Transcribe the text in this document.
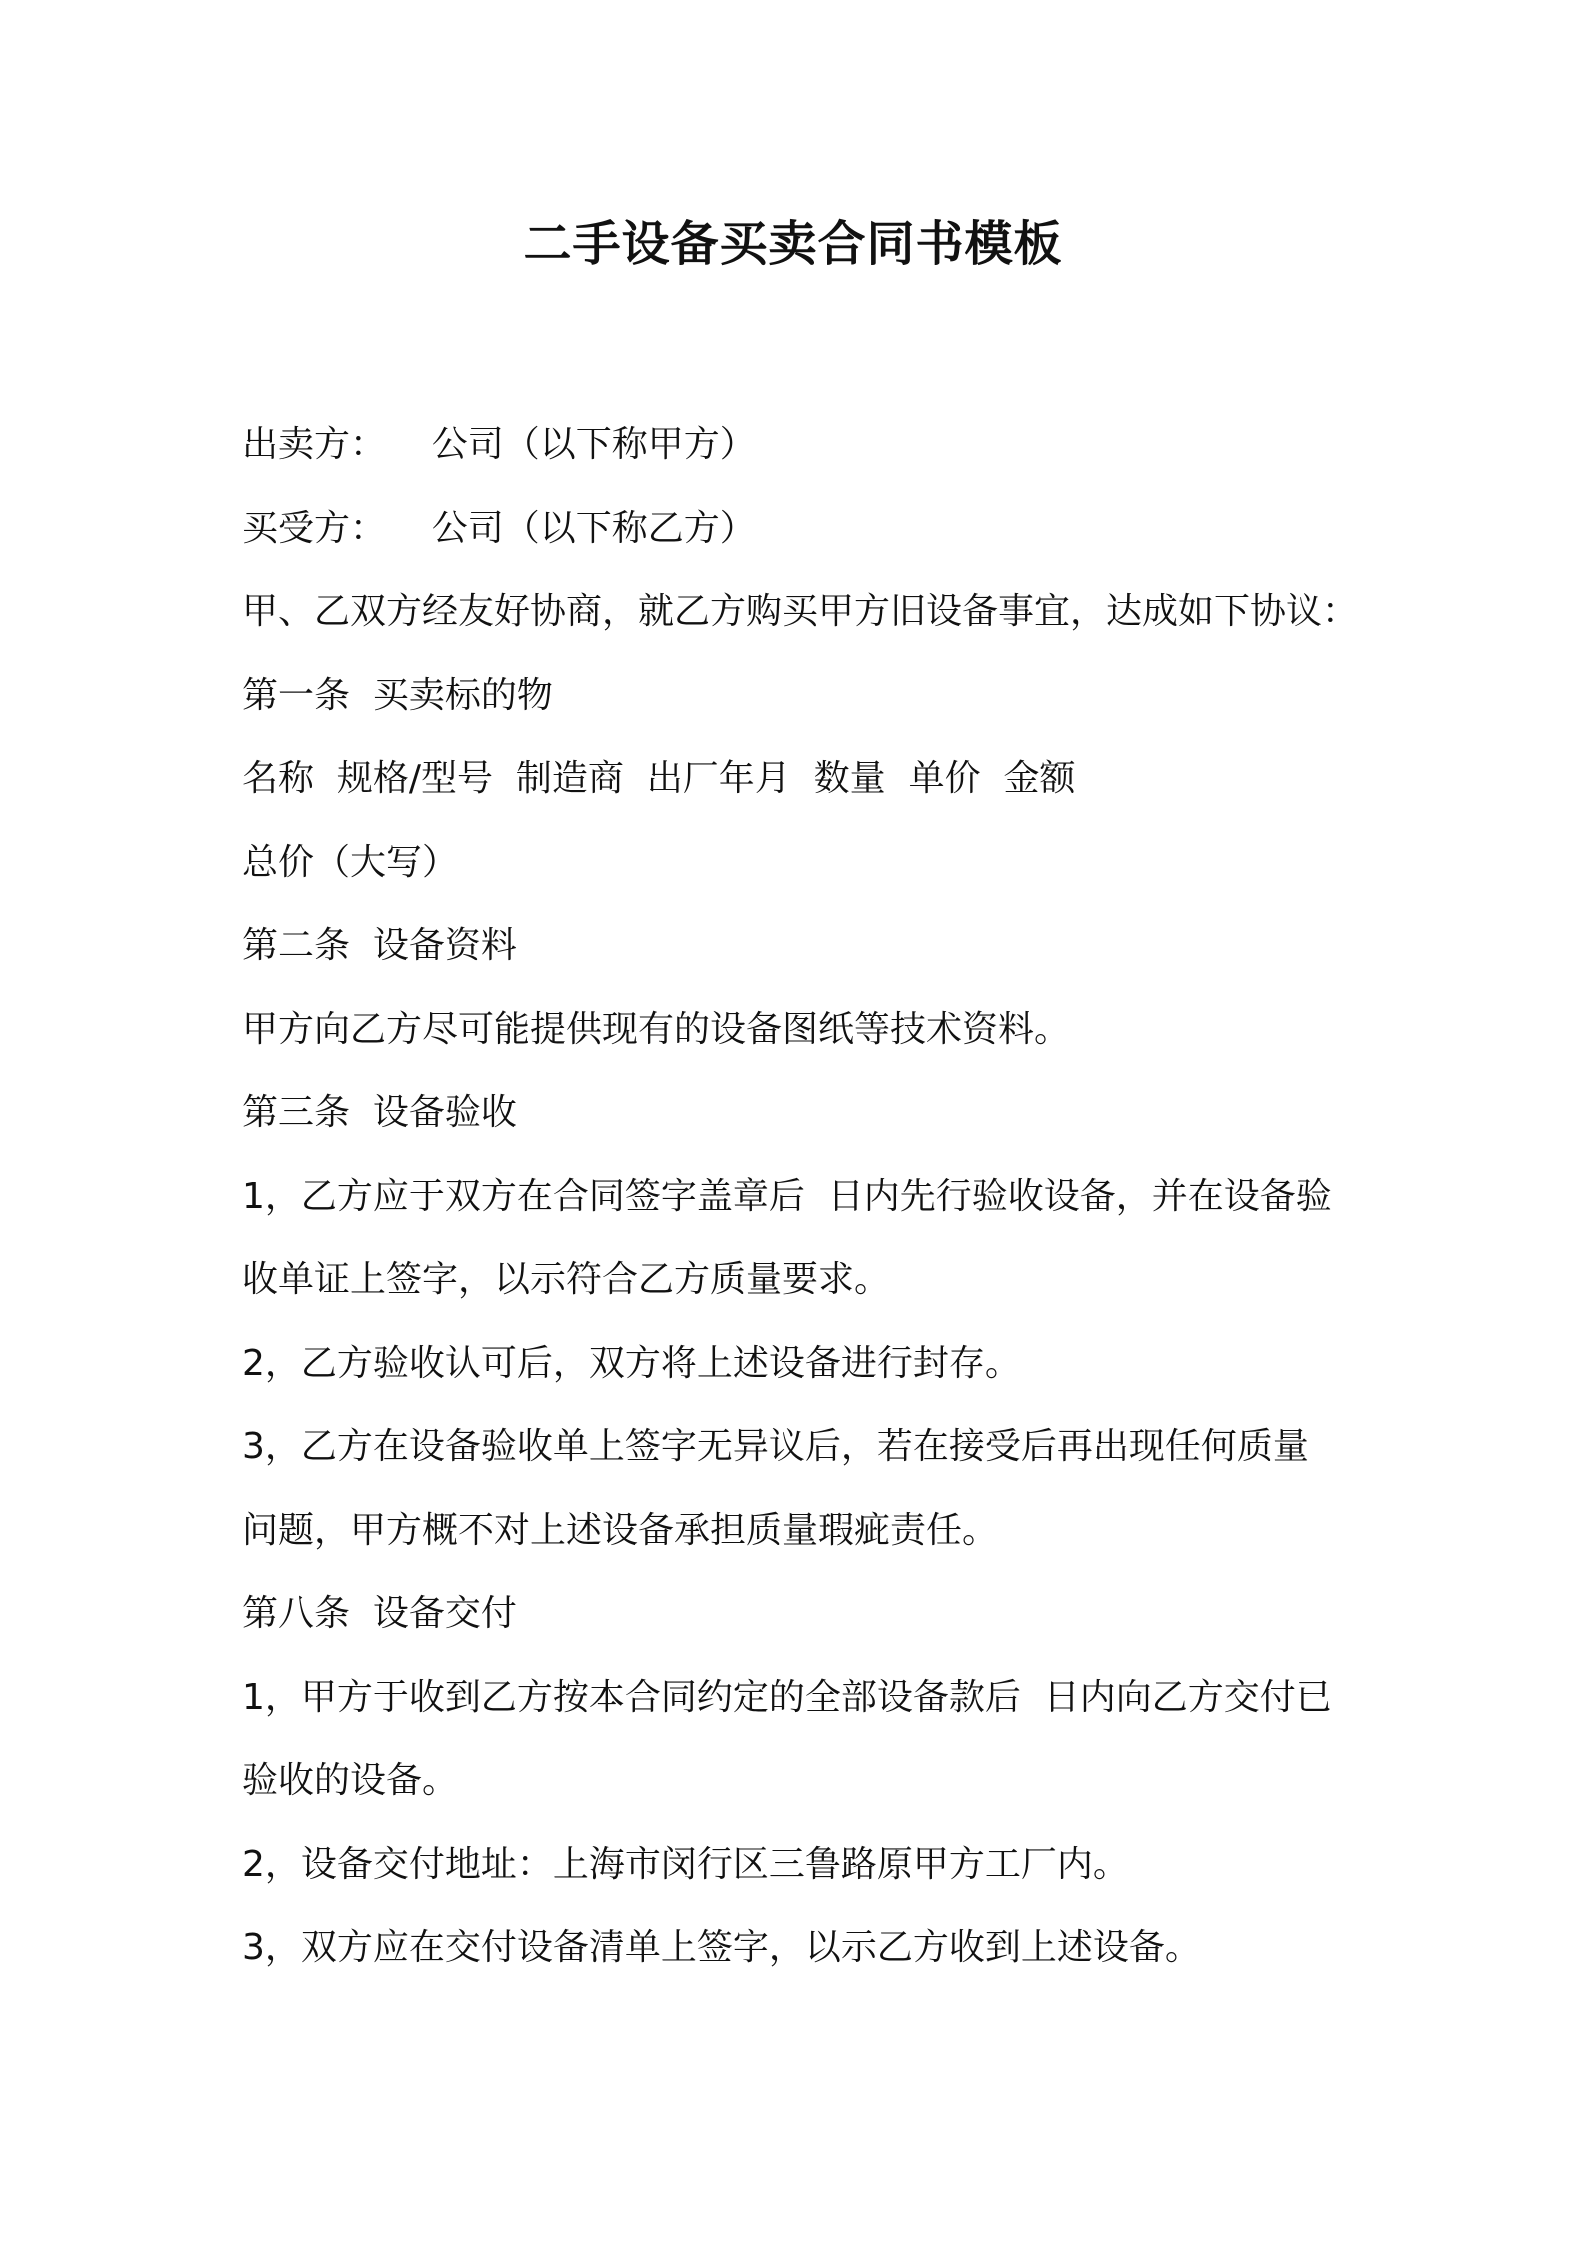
二手设备买卖合同书模板
出卖方：    公司（以下称甲方）
买受方：    公司（以下称乙方）
甲、乙双方经友好协商，就乙方购买甲方旧设备事宜，达成如下协议：
第一条  买卖标的物
名称  规格/型号  制造商  出厂年月  数量  单价  金额
总价（大写）
第二条  设备资料
甲方向乙方尽可能提供现有的设备图纸等技术资料。
第三条  设备验收
1，乙方应于双方在合同签字盖章后  日内先行验收设备，并在设备验
收单证上签字，以示符合乙方质量要求。
2，乙方验收认可后，双方将上述设备进行封存。
3，乙方在设备验收单上签字无异议后，若在接受后再出现任何质量
问题，甲方概不对上述设备承担质量瑕疵责任。
第八条  设备交付
1，甲方于收到乙方按本合同约定的全部设备款后  日内向乙方交付已
验收的设备。
2，设备交付地址：上海市闵行区三鲁路原甲方工厂内。
3，双方应在交付设备清单上签字，以示乙方收到上述设备。
